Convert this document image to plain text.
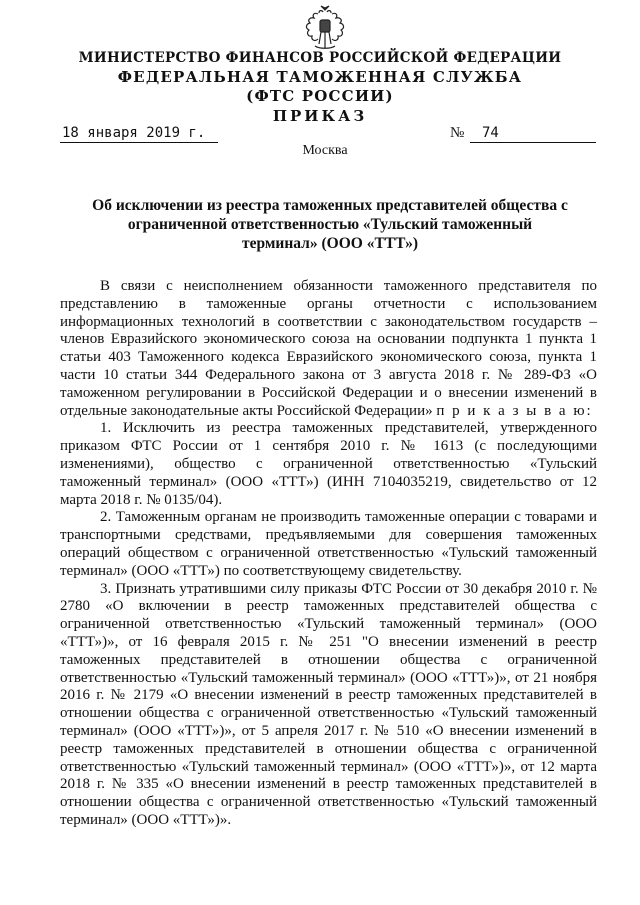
МИНИСТЕРСТВО ФИНАНСОВ РОССИЙСКОЙ ФЕДЕРАЦИИ
ФЕДЕРАЛЬНАЯ ТАМОЖЕННАЯ СЛУЖБА
(ФТС РОССИИ)
ПРИКАЗ
18 января 2019 г.	№	74
Москва
Об исключении из реестра таможенных представителей общества с ограниченной ответственностью «Тульский таможенный терминал» (ООО «ТТТ»)

В связи с неисполнением обязанности таможенного представителя по представлению в таможенные органы отчетности с использованием информационных технологий в соответствии с законодательством государств – членов Евразийского экономического союза на основании подпункта 1 пункта 1 статьи 403 Таможенного кодекса Евразийского экономического союза, пункта 1 части 10 статьи 344 Федерального закона от 3 августа 2018 г. № 289-ФЗ «О таможенном регулировании в Российской Федерации и о внесении изменений в отдельные законодательные акты Российской Федерации» п р и к а з ы в а ю:

1. Исключить из реестра таможенных представителей, утвержденного приказом ФТС России от 1 сентября 2010 г. № 1613 (с последующими изменениями), общество с ограниченной ответственностью «Тульский таможенный терминал» (ООО «ТТТ») (ИНН 7104035219, свидетельство от 12 марта 2018 г. № 0135/04).

2. Таможенным органам не производить таможенные операции с товарами и транспортными средствами, предъявляемыми для совершения таможенных операций обществом с ограниченной ответственностью «Тульский таможенный терминал» (ООО «ТТТ») по соответствующему свидетельству.

3. Признать утратившими силу приказы ФТС России от 30 декабря 2010 г. № 2780 «О включении в реестр таможенных представителей общества с ограниченной ответственностью «Тульский таможенный терминал» (ООО «ТТТ»)», от 16 февраля 2015 г. № 251 "О внесении изменений в реестр таможенных представителей в отношении общества с ограниченной ответственностью «Тульский таможенный терминал» (ООО «ТТТ»)», от 21 ноября 2016 г. № 2179 «О внесении изменений в реестр таможенных представителей в отношении общества с ограниченной ответственностью «Тульский таможенный терминал» (ООО «ТТТ»)», от 5 апреля 2017 г. № 510 «О внесении изменений в реестр таможенных представителей в отношении общества с ограниченной ответственностью «Тульский таможенный терминал» (ООО «ТТТ»)», от 12 марта 2018 г. № 335 «О внесении изменений в реестр таможенных представителей в отношении общества с ограниченной ответственностью «Тульский таможенный терминал» (ООО «ТТТ»)».
